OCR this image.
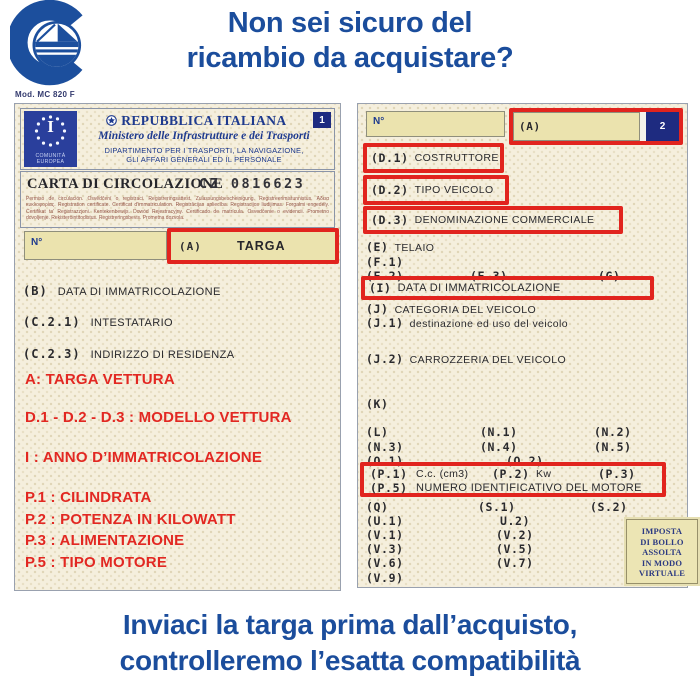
Non sei sicuro del
ricambio da acquistare?
Mod. MC 820 F
I
COMUNITÀ
EUROPEA
1
REPUBBLICA ITALIANA
Ministero delle Infrastrutture e dei Trasporti
DIPARTIMENTO PER I TRASPORTI, LA NAVIGAZIONE,
GLI AFFARI GENERALI ED IL PERSONALE
CARTA DI CIRCOLAZIONE
CZ 0816623
Permiso de circulación. Osvědčení o registraci. Registreringsattest. Zulassungsbescheinigung. Registreerimistunnistus. Άδεια κυκλοφορίας. Registration certificate. Certificat d'immatriculation. Registrācijas apliecība. Registracijos liudijimas. Forgalmi engedély. Ċertifikat ta' Reġistrazzjoni. Kentekenbewijs. Dowód Rejestracyjny. Certificado de matrícula. Osvedčenie o evidencii. Prometno dovoljenje. Rekisteröintitodistus. Registreringsbevis. Prometna dozvola.
N°	(A)	TARGA
(B) DATA DI IMMATRICOLAZIONE
(C.2.1) INTESTATARIO
(C.2.3) INDIRIZZO DI RESIDENZA
A: TARGA VETTURA
D.1 - D.2 - D.3 : MODELLO VETTURA
I : ANNO D’IMMATRICOLAZIONE
P.1 : CILINDRATA
P.2 : POTENZA IN KILOWATT
P.3 : ALIMENTAZIONE
P.5 : TIPO MOTORE
N°	(A)	2
(D.1) COSTRUTTORE
(D.2) TIPO VEICOLO
(D.3) DENOMINAZIONE COMMERCIALE
(E) TELAIO
(F.1)
(F.2)	(F.3)	(G)
(I) DATA DI IMMATRICOLAZIONE
(J) CATEGORIA DEL VEICOLO
(J.1) destinazione ed uso del veicolo
(J.2) CARROZZERIA DEL VEICOLO
(K)
(L)	(N.1)	(N.2)
(N.3)	(N.4)	(N.5)
(O.1)	(O.2)
(P.1) C.c. (cm3) (P.2) Kw	(P.3)
(P.5) NUMERO IDENTIFICATIVO DEL MOTORE
(Q)	(S.1)	(S.2)
(U.1)	U.2)
(V.1)	(V.2)
(V.3)	(V.5)
(V.6)	(V.7)
(V.9)
IMPOSTA
DI BOLLO
ASSOLTA
IN MODO
VIRTUALE
Inviaci la targa prima dall’acquisto,
controlleremo l’esatta compatibilità
